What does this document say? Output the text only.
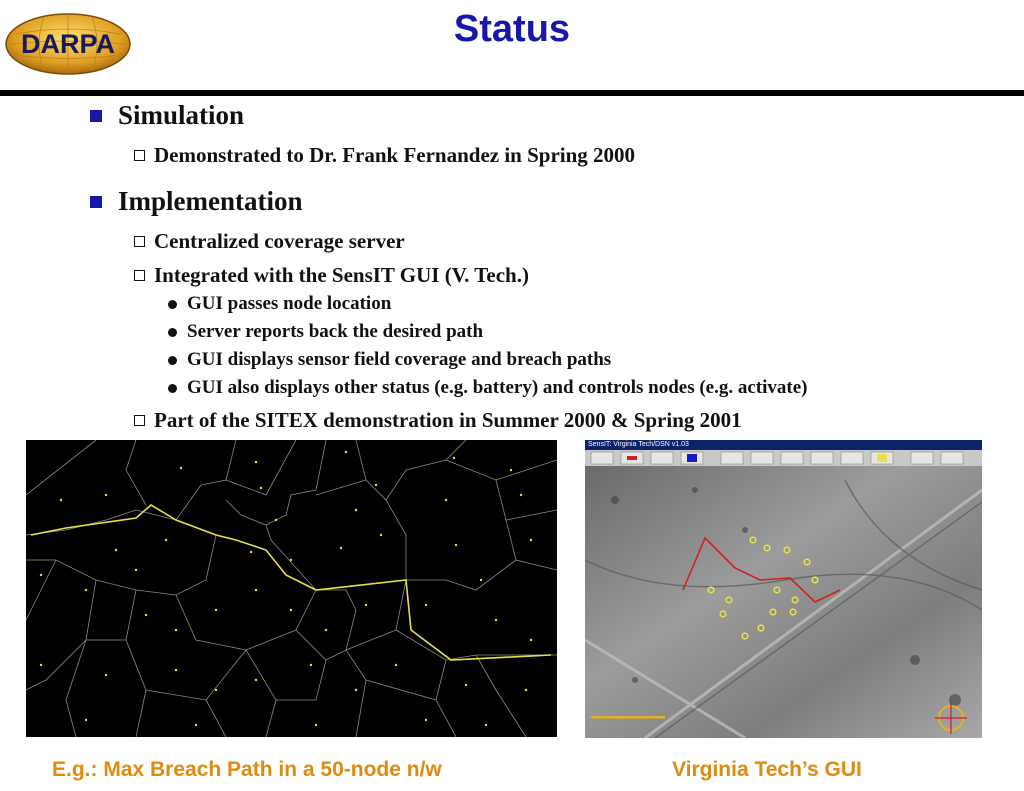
DARPA	Status
Simulation
Demonstrated to Dr. Frank Fernandez in Spring 2000
Implementation
Centralized coverage server
Integrated with the SensIT GUI (V. Tech.)
GUI passes node location
Server reports back the desired path
GUI displays sensor field coverage and breach paths
GUI also displays other status (e.g. battery) and controls nodes (e.g. activate)
Part of the SITEX demonstration in Summer 2000 & Spring 2001
SensIT: Virginia Tech/DSN v1.03
E.g.: Max Breach Path in a 50-node n/w	Virginia Tech’s GUI
